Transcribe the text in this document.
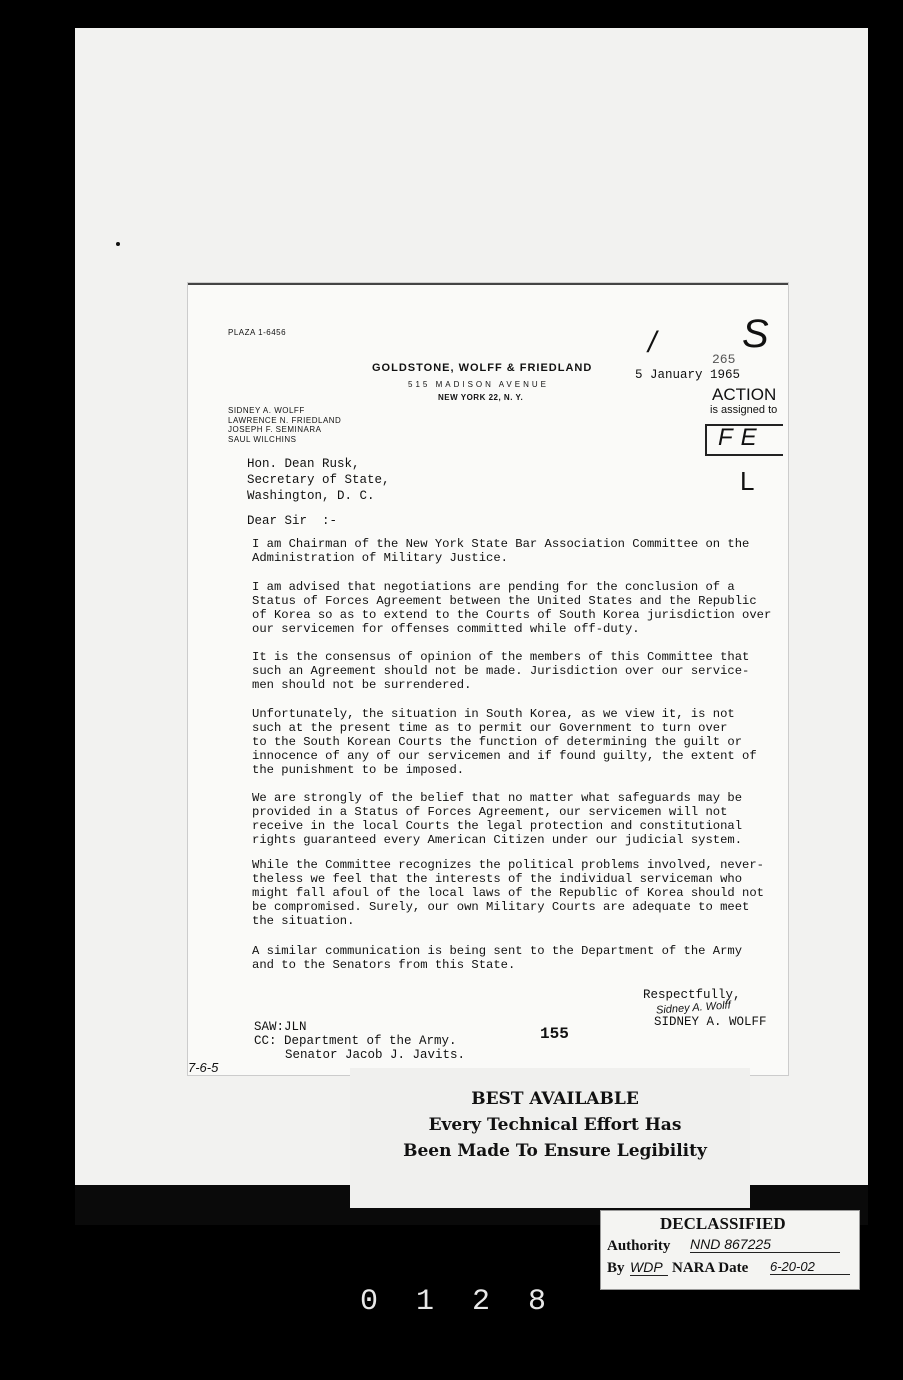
PLAZA 1-6456
GOLDSTONE, WOLFF & FRIEDLAND
515 MADISON AVENUE
NEW YORK 22, N. Y.
SIDNEY A. WOLFF
LAWRENCE N. FRIEDLAND
JOSEPH F. SEMINARA
SAUL WILCHINS
/ S
265
5 January 1965
ACTION
is assigned to
FE
L
Hon. Dean Rusk,
Secretary of State,
Washington, D. C.
Dear Sir  :-
I am Chairman of the New York State Bar Association Committee on the
Administration of Military Justice.
I am advised that negotiations are pending for the conclusion of a
Status of Forces Agreement between the United States and the Republic
of Korea so as to extend to the Courts of South Korea jurisdiction over
our servicemen for offenses committed while off-duty.
It is the consensus of opinion of the members of this Committee that
such an Agreement should not be made. Jurisdiction over our service-
men should not be surrendered.
Unfortunately, the situation in South Korea, as we view it, is not
such at the present time as to permit our Government to turn over
to the South Korean Courts the function of determining the guilt or
innocence of any of our servicemen and if found guilty, the extent of
the punishment to be imposed.
We are strongly of the belief that no matter what safeguards may be
provided in a Status of Forces Agreement, our servicemen will not
receive in the local Courts the legal protection and constitutional
rights guaranteed every American Citizen under our judicial system.
While the Committee recognizes the political problems involved, never-
theless we feel that the interests of the individual serviceman who
might fall afoul of the local laws of the Republic of Korea should not
be compromised. Surely, our own Military Courts are adequate to meet
the situation.
A similar communication is being sent to the Department of the Army
and to the Senators from this State.
Respectfully,
Sidney A. Wolff
SIDNEY A. WOLFF
SAW:JLN
CC: Department of the Army.
Senator Jacob J. Javits.
155
7-6-5
BEST AVAILABLE
Every Technical Effort Has
Been Made To Ensure Legibility
DECLASSIFIED
Authority NND 867225
By WDP NARA Date 6-20-02
0128
